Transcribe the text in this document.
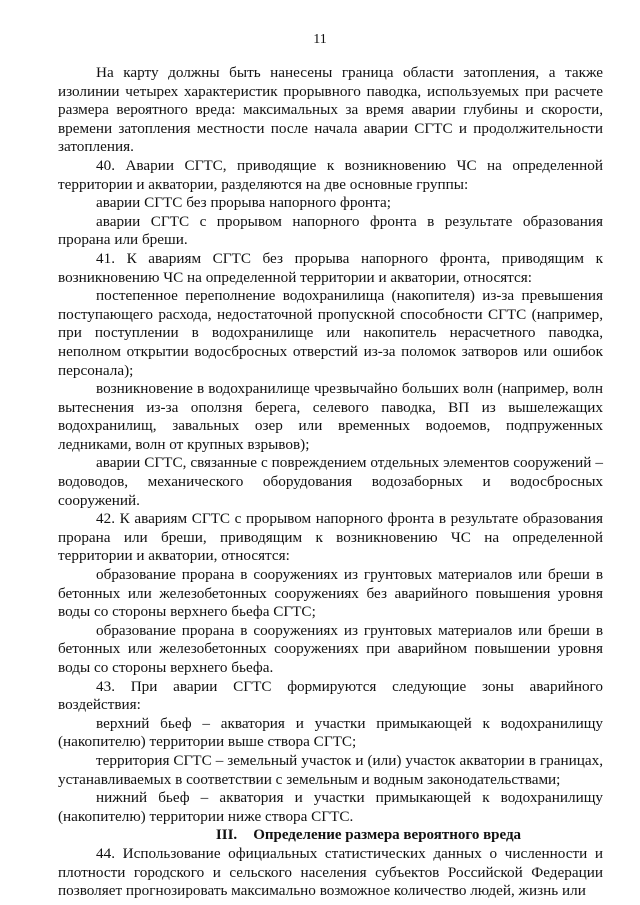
11

На карту должны быть нанесены граница области затопления, а также изолинии четырех характеристик прорывного паводка, используемых при расчете размера вероятного вреда: максимальных за время аварии глубины и скорости, времени затопления местности после начала аварии СГТС и продолжительности затопления.

40. Аварии СГТС, приводящие к возникновению ЧС на определенной территории и акватории, разделяются на две основные группы:

аварии СГТС без прорыва напорного фронта;

аварии СГТС с прорывом напорного фронта в результате образования прорана или бреши.

41. К авариям СГТС без прорыва напорного фронта, приводящим к возникновению ЧС на определенной территории и акватории, относятся:

постепенное переполнение водохранилища (накопителя) из-за превышения поступающего расхода, недостаточной пропускной способности СГТС (например, при поступлении в водохранилище или накопитель нерасчетного паводка, неполном открытии водосбросных отверстий из-за поломок затворов или ошибок персонала);

возникновение в водохранилище чрезвычайно больших волн (например, волн вытеснения из-за оползня берега, селевого паводка, ВП из вышележащих водохранилищ, завальных озер или временных водоемов, подпруженных ледниками, волн от крупных взрывов);

аварии СГТС, связанные с повреждением отдельных элементов сооружений – водоводов, механического оборудования водозаборных и водосбросных сооружений.

42. К авариям СГТС с прорывом напорного фронта в результате образования прорана или бреши, приводящим к возникновению ЧС на определенной территории и акватории, относятся:

образование прорана в сооружениях из грунтовых материалов или бреши в бетонных или железобетонных сооружениях без аварийного повышения уровня воды со стороны верхнего бьефа СГТС;

образование прорана в сооружениях из грунтовых материалов или бреши в бетонных или железобетонных сооружениях при аварийном повышении уровня воды со стороны верхнего бьефа.

43. При аварии СГТС формируются следующие зоны аварийного воздействия:

верхний бьеф – акватория и участки примыкающей к водохранилищу (накопителю) территории выше створа СГТС;

территория СГТС – земельный участок и (или) участок акватории в границах, устанавливаемых в соответствии с земельным и водным законодательствами;

нижний бьеф – акватория и участки примыкающей к водохранилищу (накопителю) территории ниже створа СГТС.

III. Определение размера вероятного вреда

44. Использование официальных статистических данных о численности и плотности городского и сельского населения субъектов Российской Федерации позволяет прогнозировать максимально возможное количество людей, жизнь или
